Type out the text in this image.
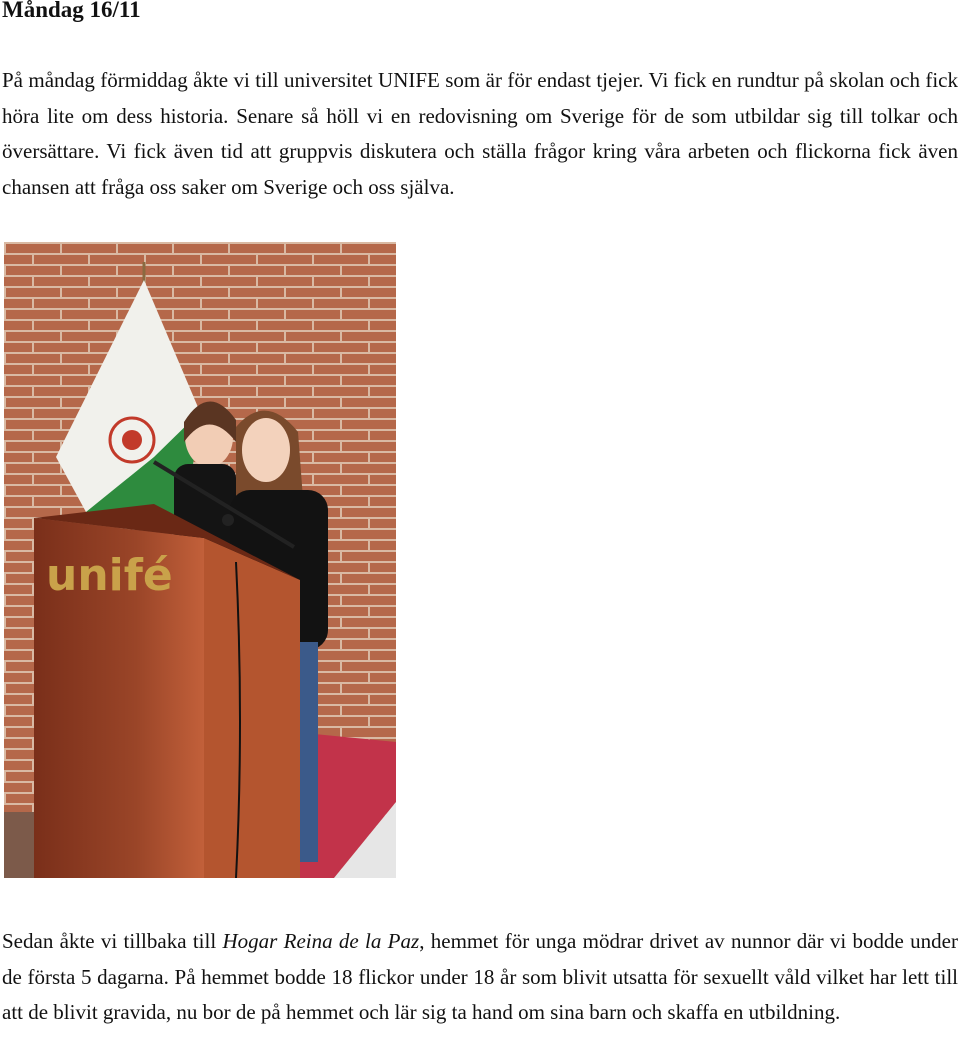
Måndag 16/11

På måndag förmiddag åkte vi till universitet UNIFE som är för endast tjejer. Vi fick en rundtur på skolan och fick höra lite om dess historia. Senare så höll vi en redovisning om Sverige för de som utbildar sig till tolkar och översättare. Vi fick även tid att gruppvis diskutera och ställa frågor kring våra arbeten och flickorna fick även chansen att fråga oss saker om Sverige och oss själva.

unifé

Sedan åkte vi tillbaka till Hogar Reina de la Paz, hemmet för unga mödrar drivet av nunnor där vi bodde under de första 5 dagarna. På hemmet bodde 18 flickor under 18 år som blivit utsatta för sexuellt våld vilket har lett till att de blivit gravida, nu bor de på hemmet och lär sig ta hand om sina barn och skaffa en utbildning.
